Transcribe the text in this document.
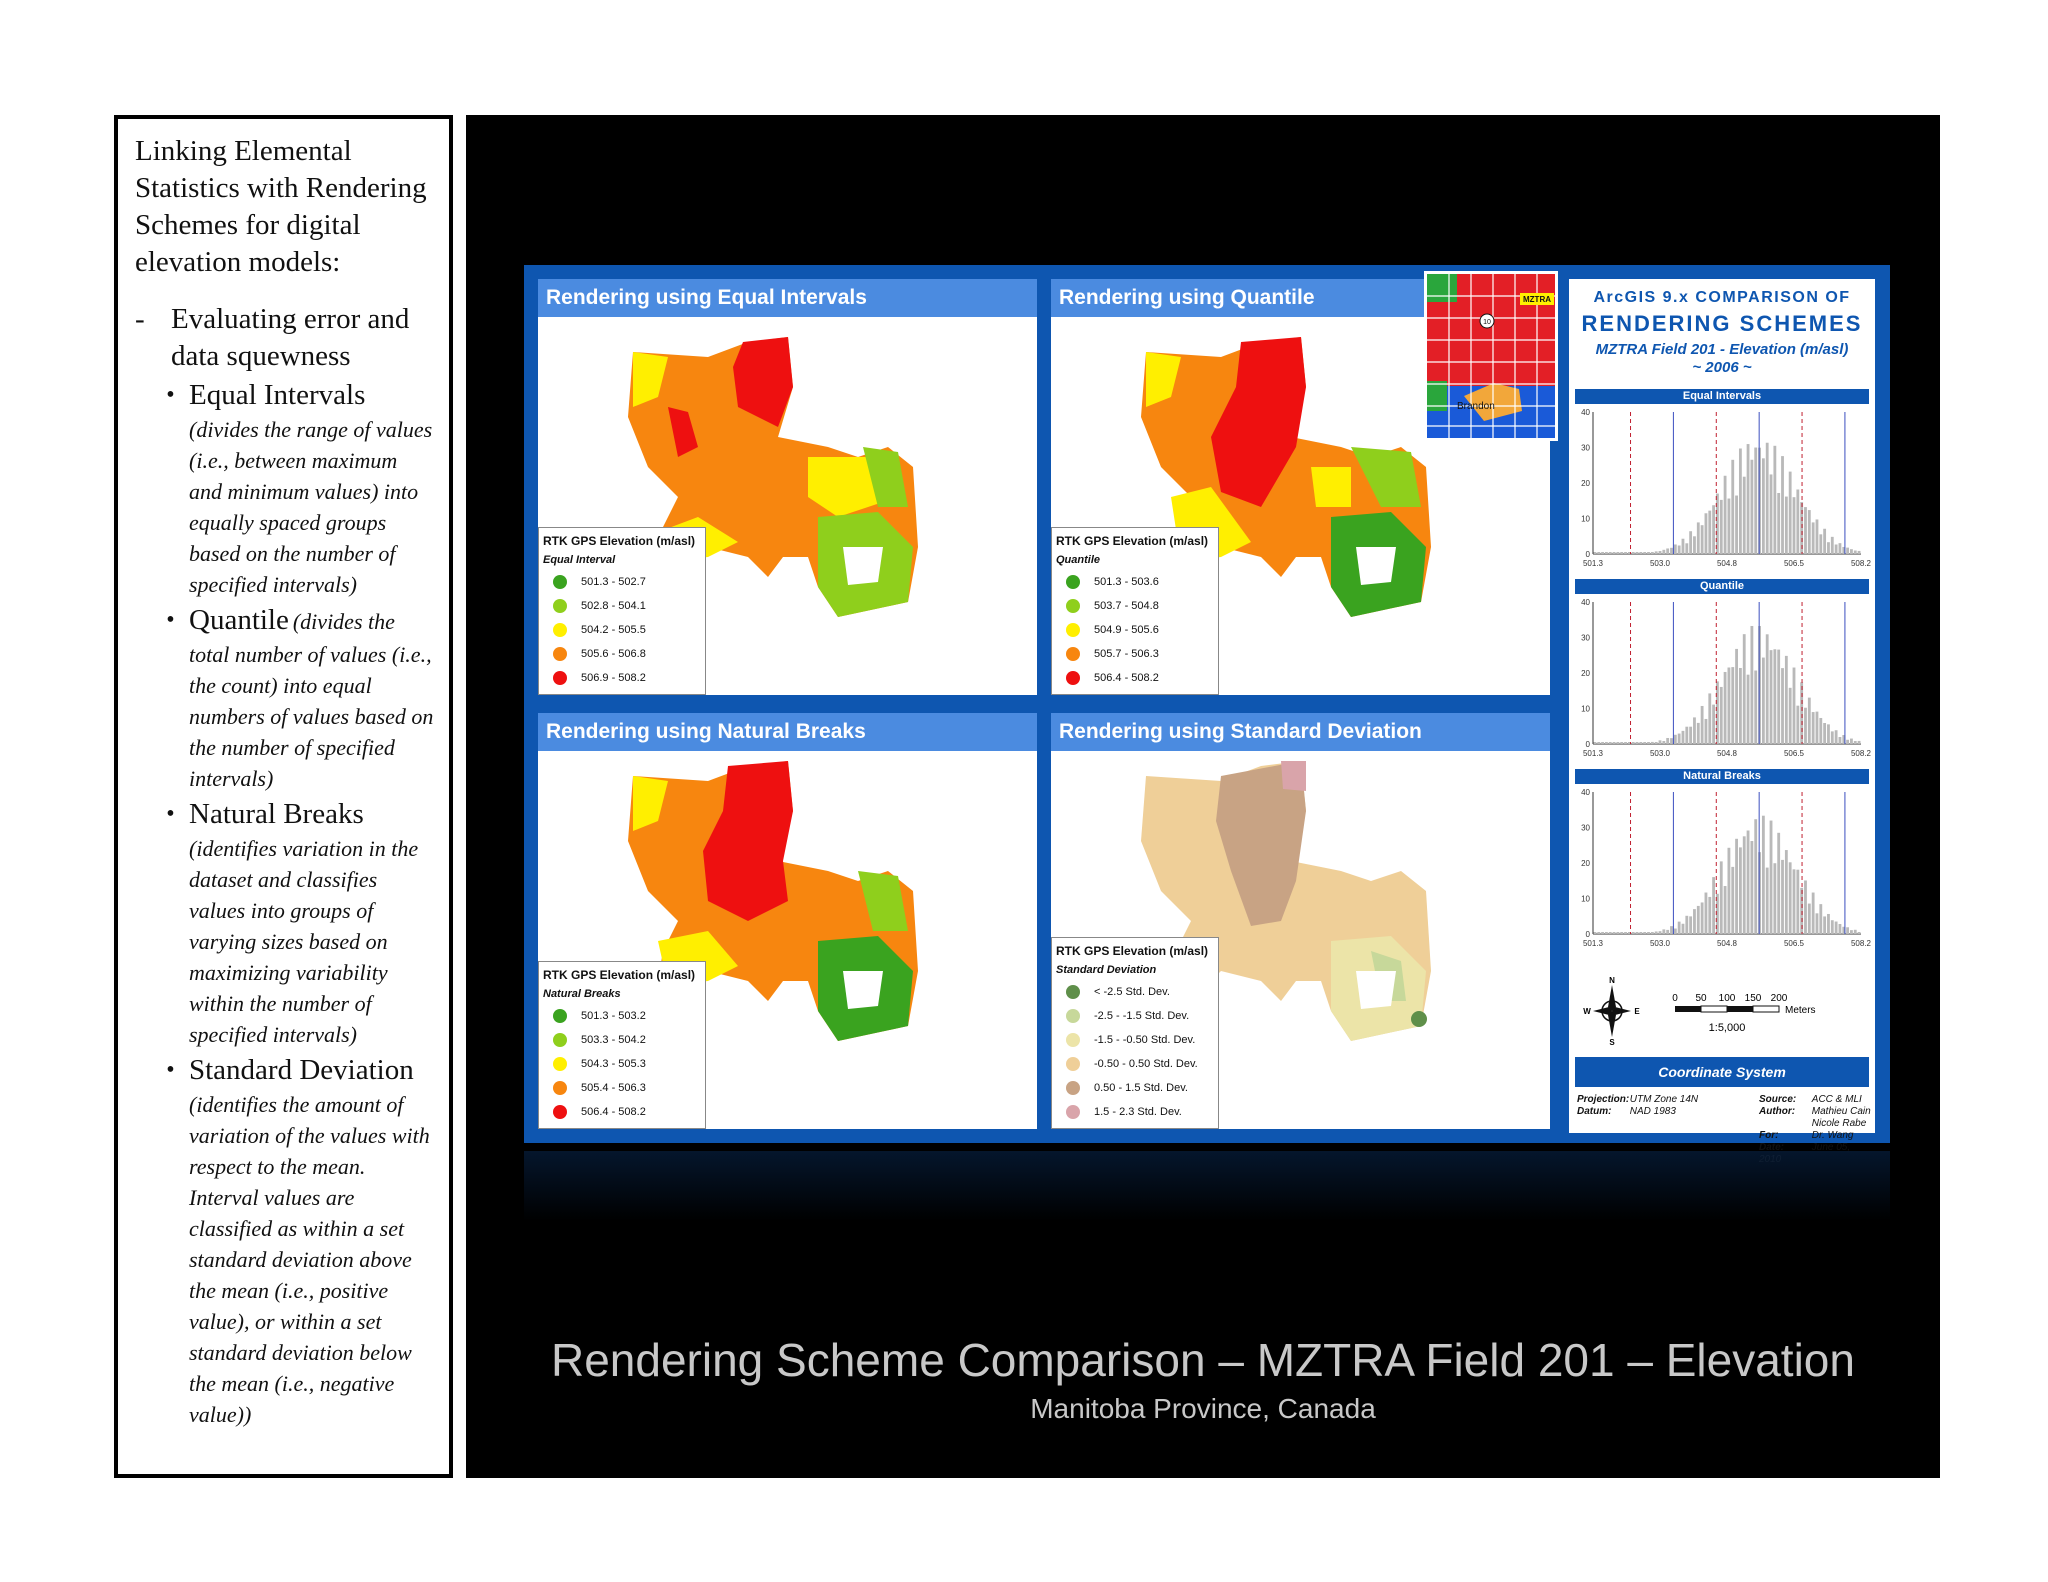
Linking Elemental Statistics with Rendering Schemes for digital elevation models:
- Evaluating error and data squewness
• Equal Intervals
(divides the range of values (i.e., between maximum and minimum values) into equally spaced groups based on the number of specified intervals)
• Quantile (divides the total number of values (i.e., the count) into equal numbers of values based on the number of specified intervals)
• Natural Breaks
(identifies variation in the dataset and classifies values into groups of varying sizes based on maximizing variability within the number of specified intervals)
• Standard Deviation (identifies the amount of variation of the values with respect to the mean. Interval values are classified as within a set standard deviation above the mean (i.e., positive value), or within a set standard deviation below the mean (i.e., negative value))
Rendering using Equal Intervals
RTK GPS Elevation (m/asl)
Equal Interval
501.3 - 502.7
502.8 - 504.1
504.2 - 505.5
505.6 - 506.8
506.9 - 508.2
Rendering using Quantile
RTK GPS Elevation (m/asl)
Quantile
501.3 - 503.6
503.7 - 504.8
504.9 - 505.6
505.7 - 506.3
506.4 - 508.2
Rendering using Natural Breaks
RTK GPS Elevation (m/asl)
Natural Breaks
501.3 - 503.2
503.3 - 504.2
504.3 - 505.3
505.4 - 506.3
506.4 - 508.2
Rendering using Standard Deviation
RTK GPS Elevation (m/asl)
Standard Deviation
< -2.5 Std. Dev.
-2.5 - -1.5 Std. Dev.
-1.5 - -0.50 Std. Dev.
-0.50 - 0.50 Std. Dev.
0.50 - 1.5 Std. Dev.
1.5 - 2.3 Std. Dev.
MZTRA
10
Brandon
ArcGIS 9.x COMPARISON OF
RENDERING SCHEMES
MZTRA Field 201 - Elevation (m/asl)
~ 2006 ~
Equal Intervals
501.3	503.0	504.8	506.5	508.2
0
10
20
30
40
Quantile
501.3	503.0	504.8	506.5	508.2
0
10
20
30
40
Natural Breaks
501.3	503.0	504.8	506.5	508.2
0
10
20
30
40
N
S
W	E
0 50 100 150 200
Meters
1:5,000
Coordinate System
Projection: UTM Zone 14N
Datum: NAD 1983
Source: ACC & MLI
Author: Mathieu Cain
Nicole Rabe
For:	Dr. Wang
Date:	June 05, 2010
Rendering Scheme Comparison – MZTRA Field 201 – Elevation
Manitoba Province, Canada
